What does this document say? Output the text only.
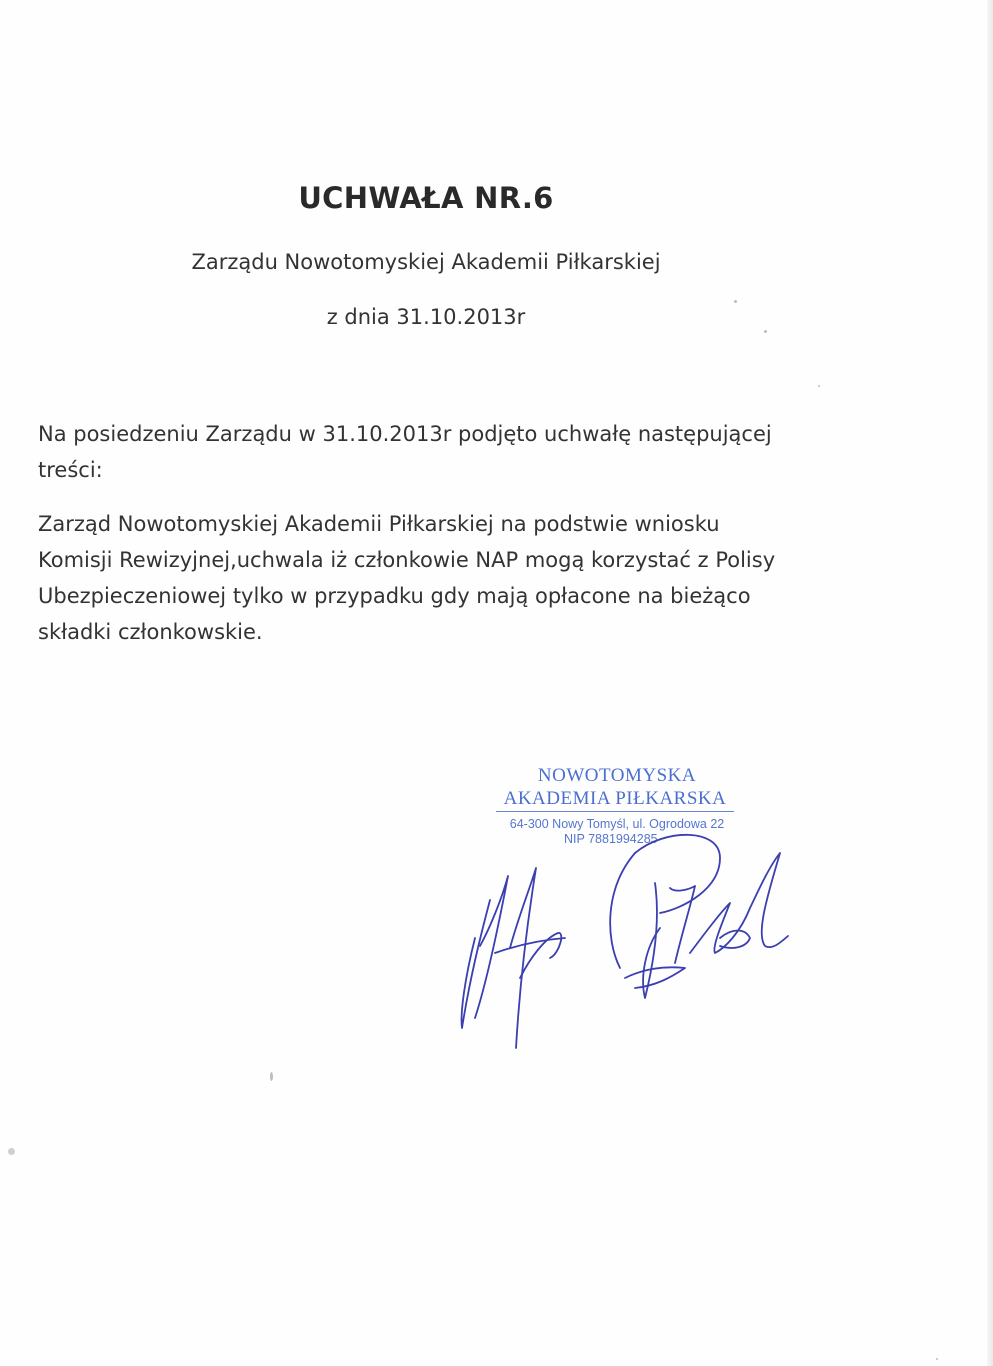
UCHWAŁA NR.6
Zarządu Nowotomyskiej Akademii Piłkarskiej
z dnia 31.10.2013r
Na posiedzeniu Zarządu w 31.10.2013r podjęto uchwałę następującej treści:
Zarząd Nowotomyskiej Akademii Piłkarskiej na podstwie wniosku Komisji Rewizyjnej,uchwala iż członkowie NAP mogą korzystać z Polisy Ubezpieczeniowej tylko w przypadku gdy mają opłacone na bieżąco składki członkowskie.
NOWOTOMYSKA
AKADEMIA PIŁKARSKA
64-300 Nowy Tomyśl, ul. Ogrodowa 22
NIP 7881994285
